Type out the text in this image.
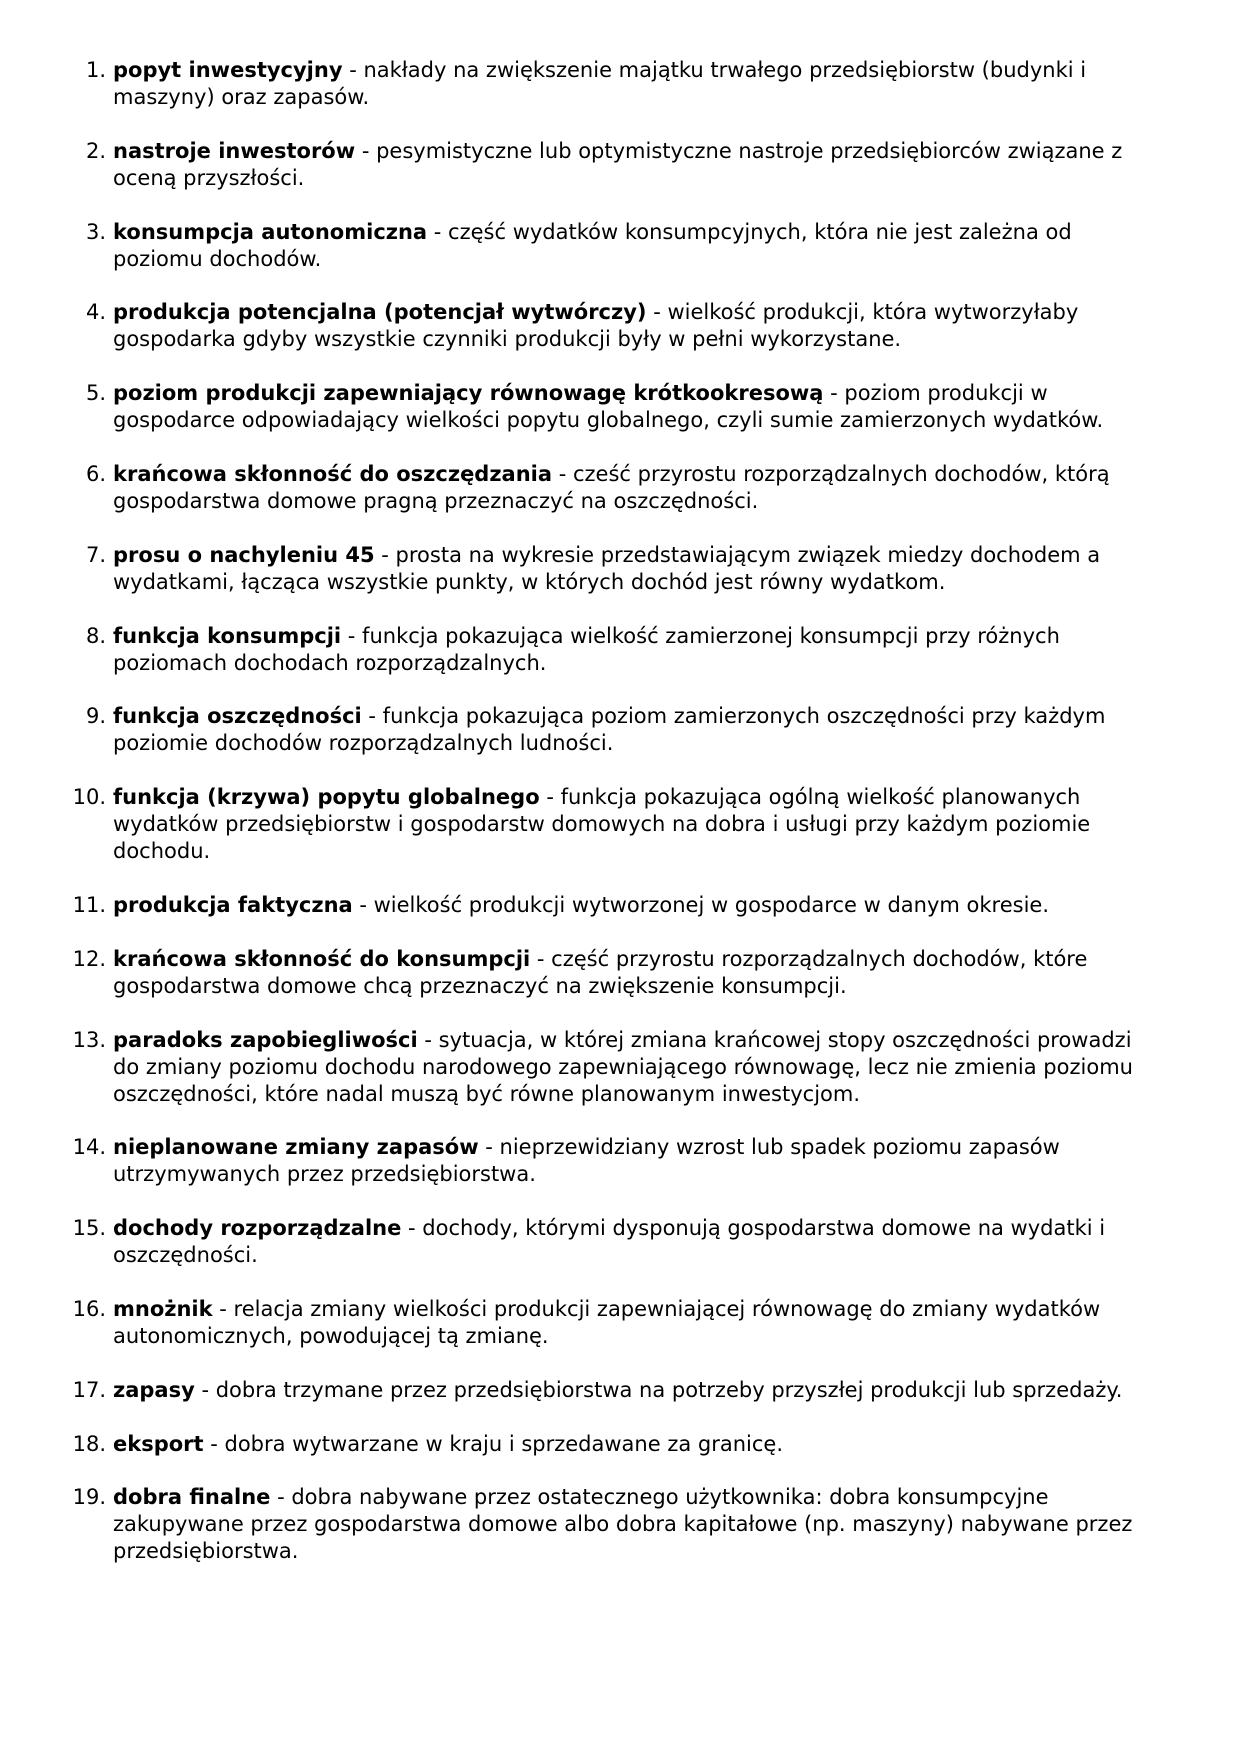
1. popyt inwestycyjny - nakłady na zwiększenie majątku trwałego przedsiębiorstw (budynki i maszyny) oraz zapasów.
2. nastroje inwestorów - pesymistyczne lub optymistyczne nastroje przedsiębiorców związane z oceną przyszłości.
3. konsumpcja autonomiczna - część wydatków konsumpcyjnych, która nie jest zależna od poziomu dochodów.
4. produkcja potencjalna (potencjał wytwórczy) - wielkość produkcji, która wytworzyłaby gospodarka gdyby wszystkie czynniki produkcji były w pełni wykorzystane.
5. poziom produkcji zapewniający równowagę krótkookresową - poziom produkcji w gospodarce odpowiadający wielkości popytu globalnego, czyli sumie zamierzonych wydatków.
6. krańcowa skłonność do oszczędzania - cześć przyrostu rozporządzalnych dochodów, którą gospodarstwa domowe pragną przeznaczyć na oszczędności.
7. prosu o nachyleniu 45 - prosta na wykresie przedstawiającym związek miedzy dochodem a wydatkami, łącząca wszystkie punkty, w których dochód jest równy wydatkom.
8. funkcja konsumpcji - funkcja pokazująca wielkość zamierzonej konsumpcji przy różnych poziomach dochodach rozporządzalnych.
9. funkcja oszczędności - funkcja pokazująca poziom zamierzonych oszczędności przy każdym poziomie dochodów rozporządzalnych ludności.
10. funkcja (krzywa) popytu globalnego - funkcja pokazująca ogólną wielkość planowanych wydatków przedsiębiorstw i gospodarstw domowych na dobra i usługi przy każdym poziomie dochodu.
11. produkcja faktyczna - wielkość produkcji wytworzonej w gospodarce w danym okresie.
12. krańcowa skłonność do konsumpcji - część przyrostu rozporządzalnych dochodów, które gospodarstwa domowe chcą przeznaczyć na zwiększenie konsumpcji.
13. paradoks zapobiegliwości - sytuacja, w której zmiana krańcowej stopy oszczędności prowadzi do zmiany poziomu dochodu narodowego zapewniającego równowagę, lecz nie zmienia poziomu oszczędności, które nadal muszą być równe planowanym inwestycjom.
14. nieplanowane zmiany zapasów - nieprzewidziany wzrost lub spadek poziomu zapasów utrzymywanych przez przedsiębiorstwa.
15. dochody rozporządzalne - dochody, którymi dysponują gospodarstwa domowe na wydatki i oszczędności.
16. mnożnik - relacja zmiany wielkości produkcji zapewniającej równowagę do zmiany wydatków autonomicznych, powodującej tą zmianę.
17. zapasy - dobra trzymane przez przedsiębiorstwa na potrzeby przyszłej produkcji lub sprzedaży.
18. eksport - dobra wytwarzane w kraju i sprzedawane za granicę.
19. dobra finalne - dobra nabywane przez ostatecznego użytkownika: dobra konsumpcyjne zakupywane przez gospodarstwa domowe albo dobra kapitałowe (np. maszyny) nabywane przez przedsiębiorstwa.
